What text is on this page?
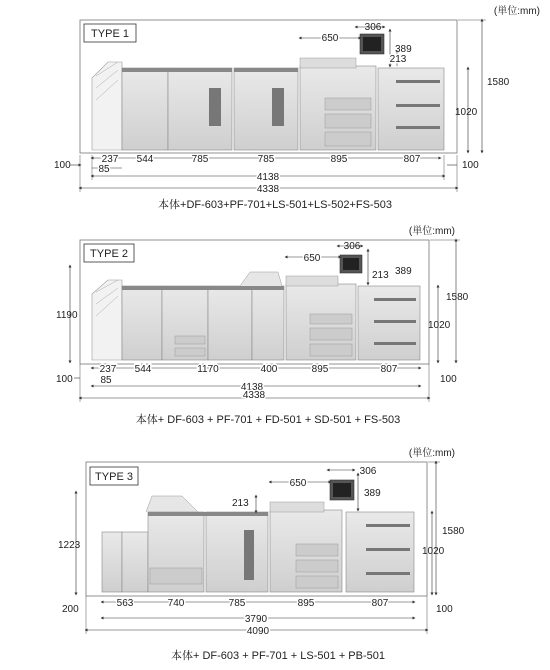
(単位:mm)
TYPE 1
306
650
389
213
1580
1020
100	100
237 544	785	785	895	807
85
4138
4338
本体+DF-603+PF-701+LS-501+LS-502+FS-503
(単位:mm)
TYPE 2
306
650
389
213
1580
1020
1190
100	100
237 544	1170	400	895	807
85
4138
4338
本体+ DF-603 + PF-701 + FD-501 + SD-501 + FS-503
(単位:mm)
TYPE 3	306
650
389
213
1580
1020
1223
200	100
563	740	785	895	807
3790
4090
本体+ DF-603 + PF-701 + LS-501 + PB-501
